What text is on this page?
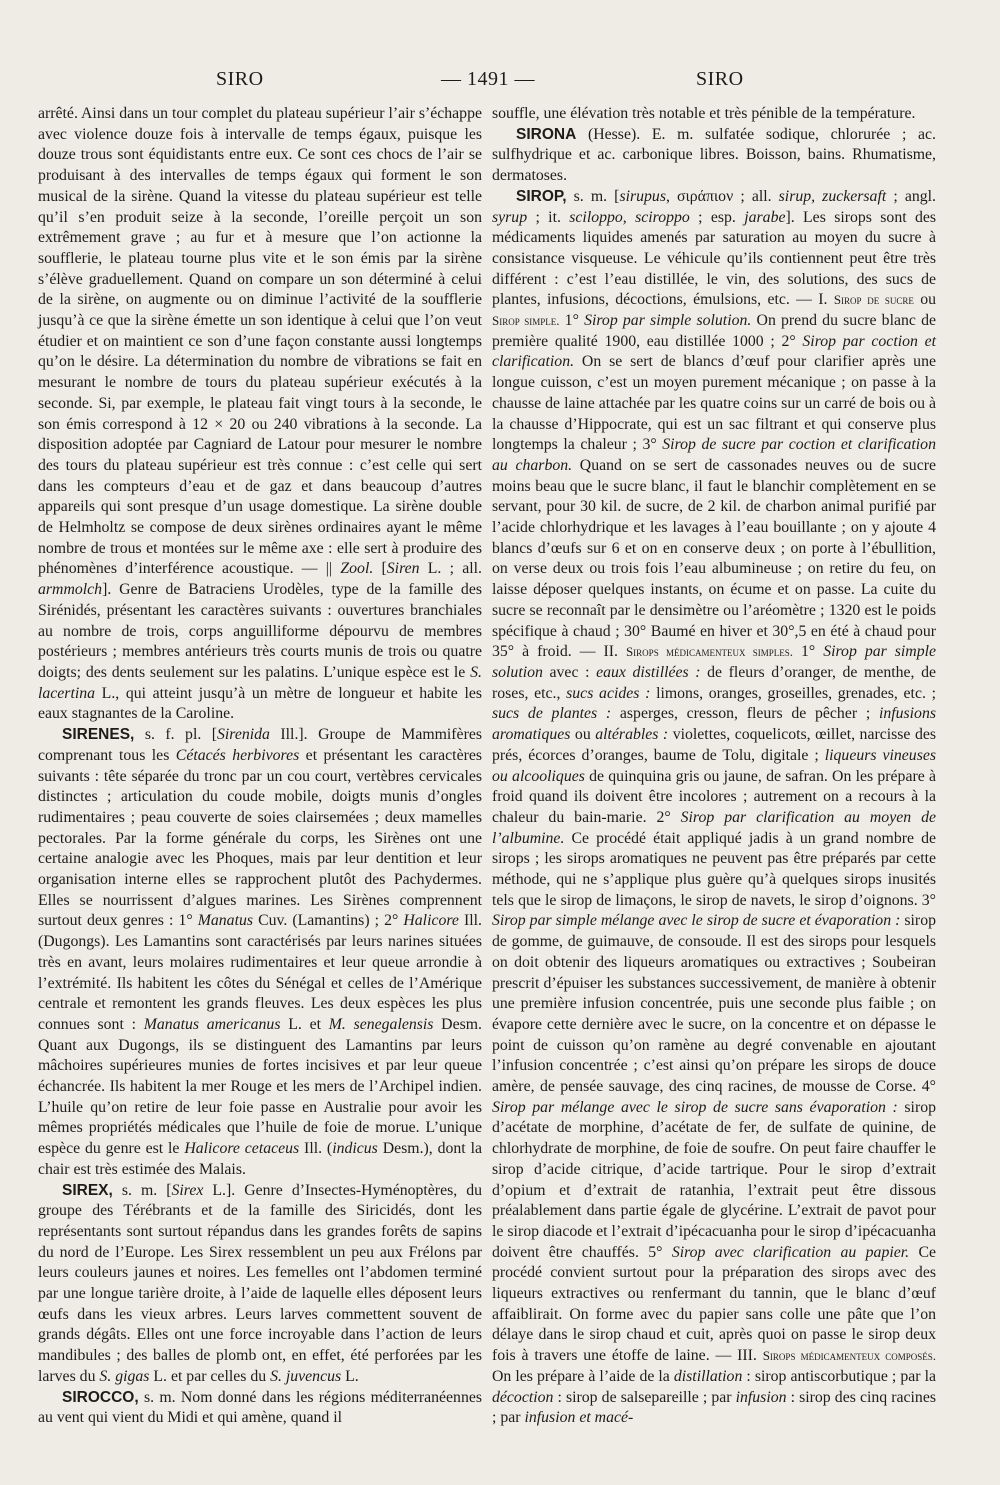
SIRO	— 1491 —	SIRO

arrêté. Ainsi dans un tour complet du plateau supérieur l’air s’échappe avec violence douze fois à intervalle de temps égaux, puisque les douze trous sont équidistants entre eux. Ce sont ces chocs de l’air se produisant à des intervalles de temps égaux qui forment le son musical de la sirène. Quand la vitesse du plateau supérieur est telle qu’il s’en produit seize à la seconde, l’oreille perçoit un son extrêmement grave ; au fur et à mesure que l’on actionne la soufflerie, le plateau tourne plus vite et le son émis par la sirène s’élève graduellement. Quand on compare un son déterminé à celui de la sirène, on augmente ou on diminue l’activité de la soufflerie jusqu’à ce que la sirène émette un son identique à celui que l’on veut étudier et on maintient ce son d’une façon constante aussi longtemps qu’on le désire. La détermination du nombre de vibrations se fait en mesurant le nombre de tours du plateau supérieur exécutés à la seconde. Si, par exemple, le plateau fait vingt tours à la seconde, le son émis correspond à 12 × 20 ou 240 vibrations à la seconde. La disposition adoptée par Cagniard de Latour pour mesurer le nombre des tours du plateau supérieur est très connue : c’est celle qui sert dans les compteurs d’eau et de gaz et dans beaucoup d’autres appareils qui sont presque d’un usage domestique. La sirène double de Helmholtz se compose de deux sirènes ordinaires ayant le même nombre de trous et montées sur le même axe : elle sert à produire des phénomènes d’interférence acoustique. — || Zool. [Siren L. ; all. armmolch]. Genre de Batraciens Urodèles, type de la famille des Sirénidés, présentant les caractères suivants : ouvertures branchiales au nombre de trois, corps anguilliforme dépourvu de membres postérieurs ; membres antérieurs très courts munis de trois ou quatre doigts; des dents seulement sur les palatins. L’unique espèce est le S. lacertina L., qui atteint jusqu’à un mètre de longueur et habite les eaux stagnantes de la Caroline.

SIRENES, s. f. pl. [Sirenida Ill.]. Groupe de Mammifères comprenant tous les Cétacés herbivores et présentant les caractères suivants : tête séparée du tronc par un cou court, vertèbres cervicales distinctes ; articulation du coude mobile, doigts munis d’ongles rudimentaires ; peau couverte de soies clairsemées ; deux mamelles pectorales. Par la forme générale du corps, les Sirènes ont une certaine analogie avec les Phoques, mais par leur dentition et leur organisation interne elles se rapprochent plutôt des Pachydermes. Elles se nourrissent d’algues marines. Les Sirènes comprennent surtout deux genres : 1° Manatus Cuv. (Lamantins) ; 2° Halicore Ill. (Dugongs). Les Lamantins sont caractérisés par leurs narines situées très en avant, leurs molaires rudimentaires et leur queue arrondie à l’extrémité. Ils habitent les côtes du Sénégal et celles de l’Amérique centrale et remontent les grands fleuves. Les deux espèces les plus connues sont : Manatus americanus L. et M. senegalensis Desm. Quant aux Dugongs, ils se distinguent des Lamantins par leurs mâchoires supérieures munies de fortes incisives et par leur queue échancrée. Ils habitent la mer Rouge et les mers de l’Archipel indien. L’huile qu’on retire de leur foie passe en Australie pour avoir les mêmes propriétés médicales que l’huile de foie de morue. L’unique espèce du genre est le Halicore cetaceus Ill. (indicus Desm.), dont la chair est très estimée des Malais.

SIREX, s. m. [Sirex L.]. Genre d’Insectes-Hyménoptères, du groupe des Térébrants et de la famille des Siricidés, dont les représentants sont surtout répandus dans les grandes forêts de sapins du nord de l’Europe. Les Sirex ressemblent un peu aux Frélons par leurs couleurs jaunes et noires. Les femelles ont l’abdomen terminé par une longue tarière droite, à l’aide de laquelle elles déposent leurs œufs dans les vieux arbres. Leurs larves commettent souvent de grands dégâts. Elles ont une force incroyable dans l’action de leurs mandibules ; des balles de plomb ont, en effet, été perforées par les larves du S. gigas L. et par celles du S. juvencus L.

SIROCCO, s. m. Nom donné dans les régions méditerranéennes au vent qui vient du Midi et qui amène, quand il

souffle, une élévation très notable et très pénible de la température.

SIRONA (Hesse). E. m. sulfatée sodique, chlorurée ; ac. sulfhydrique et ac. carbonique libres. Boisson, bains. Rhumatisme, dermatoses.

SIROP, s. m. [sirupus, σιράπιον ; all. sirup, zuckersaft ; angl. syrup ; it. sciloppo, sciroppo ; esp. jarabe]. Les sirops sont des médicaments liquides amenés par saturation au moyen du sucre à consistance visqueuse. Le véhicule qu’ils contiennent peut être très différent : c’est l’eau distillée, le vin, des solutions, des sucs de plantes, infusions, décoctions, émulsions, etc. — I. Sirop de sucre ou Sirop simple. 1° Sirop par simple solution. On prend du sucre blanc de première qualité 1900, eau distillée 1000 ; 2° Sirop par coction et clarification. On se sert de blancs d’œuf pour clarifier après une longue cuisson, c’est un moyen purement mécanique ; on passe à la chausse de laine attachée par les quatre coins sur un carré de bois ou à la chausse d’Hippocrate, qui est un sac filtrant et qui conserve plus longtemps la chaleur ; 3° Sirop de sucre par coction et clarification au charbon. Quand on se sert de cassonades neuves ou de sucre moins beau que le sucre blanc, il faut le blanchir complètement en se servant, pour 30 kil. de sucre, de 2 kil. de charbon animal purifié par l’acide chlorhydrique et les lavages à l’eau bouillante ; on y ajoute 4 blancs d’œufs sur 6 et on en conserve deux ; on porte à l’ébullition, on verse deux ou trois fois l’eau albumineuse ; on retire du feu, on laisse déposer quelques instants, on écume et on passe. La cuite du sucre se reconnaît par le densimètre ou l’aréomètre ; 1320 est le poids spécifique à chaud ; 30° Baumé en hiver et 30°,5 en été à chaud pour 35° à froid. — II. Sirops médicamenteux simples. 1° Sirop par simple solution avec : eaux distillées : de fleurs d’oranger, de menthe, de roses, etc., sucs acides : limons, oranges, groseilles, grenades, etc. ; sucs de plantes : asperges, cresson, fleurs de pêcher ; infusions aromatiques ou altérables : violettes, coquelicots, œillet, narcisse des prés, écorces d’oranges, baume de Tolu, digitale ; liqueurs vineuses ou alcooliques de quinquina gris ou jaune, de safran. On les prépare à froid quand ils doivent être incolores ; autrement on a recours à la chaleur du bain-marie. 2° Sirop par clarification au moyen de l’albumine. Ce procédé était appliqué jadis à un grand nombre de sirops ; les sirops aromatiques ne peuvent pas être préparés par cette méthode, qui ne s’applique plus guère qu’à quelques sirops inusités tels que le sirop de limaçons, le sirop de navets, le sirop d’oignons. 3° Sirop par simple mélange avec le sirop de sucre et évaporation : sirop de gomme, de guimauve, de consoude. Il est des sirops pour lesquels on doit obtenir des liqueurs aromatiques ou extractives ; Soubeiran prescrit d’épuiser les substances successivement, de manière à obtenir une première infusion concentrée, puis une seconde plus faible ; on évapore cette dernière avec le sucre, on la concentre et on dépasse le point de cuisson qu’on ramène au degré convenable en ajoutant l’infusion concentrée ; c’est ainsi qu’on prépare les sirops de douce amère, de pensée sauvage, des cinq racines, de mousse de Corse. 4° Sirop par mélange avec le sirop de sucre sans évaporation : sirop d’acétate de morphine, d’acétate de fer, de sulfate de quinine, de chlorhydrate de morphine, de foie de soufre. On peut faire chauffer le sirop d’acide citrique, d’acide tartrique. Pour le sirop d’extrait d’opium et d’extrait de ratanhia, l’extrait peut être dissous préalablement dans partie égale de glycérine. L’extrait de pavot pour le sirop diacode et l’extrait d’ipécacuanha pour le sirop d’ipécacuanha doivent être chauffés. 5° Sirop avec clarification au papier. Ce procédé convient surtout pour la préparation des sirops avec des liqueurs extractives ou renfermant du tannin, que le blanc d’œuf affaiblirait. On forme avec du papier sans colle une pâte que l’on délaye dans le sirop chaud et cuit, après quoi on passe le sirop deux fois à travers une étoffe de laine. — III. Sirops médicamenteux composés. On les prépare à l’aide de la distillation : sirop antiscorbutique ; par la décoction : sirop de salsepareille ; par infusion : sirop des cinq racines ; par infusion et macé-
